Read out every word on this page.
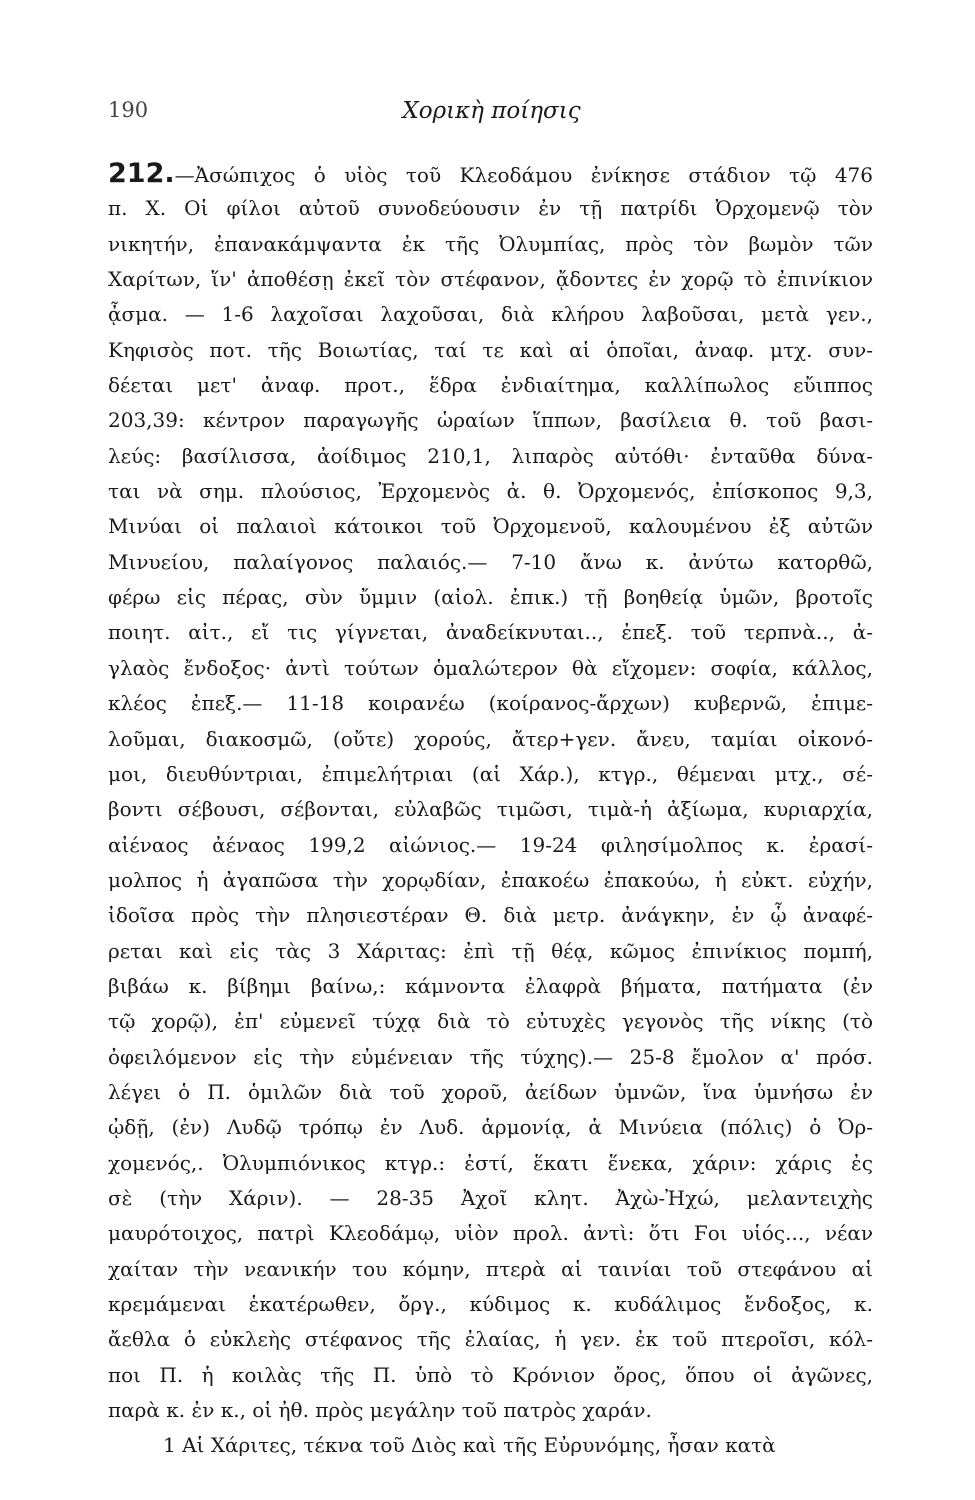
190	Χορικὴ ποίησις
212.—Ἀσώπιχος ὁ υἱὸς τοῦ Κλεοδάμου ἐνίκησε στάδιον τῷ 476
π. Χ. Οἱ φίλοι αὐτοῦ συνοδεύουσιν ἐν τῇ πατρίδι Ὀρχομενῷ τὸν
νικητήν, ἐπανακάμψαντα ἐκ τῆς Ὀλυμπίας, πρὸς τὸν βωμὸν τῶν
Χαρίτων, ἵν' ἀποθέσῃ ἐκεῖ τὸν στέφανον, ᾄδοντες ἐν χορῷ τὸ ἐπινίκιον
ᾆσμα. — 1-6 λαχοῖσαι λαχοῦσαι, διὰ κλήρου λαβοῦσαι, μετὰ γεν.,
Κηφισὸς ποτ. τῆς Βοιωτίας, ταί τε καὶ αἱ ὁποῖαι, ἀναφ. μτχ. συν-
δέεται μετ' ἀναφ. προτ., ἕδρα ἐνδιαίτημα, καλλίπωλος εὔιππος
203,39: κέντρον παραγωγῆς ὡραίων ἵππων, βασίλεια θ. τοῦ βασι-
λεύς: βασίλισσα, ἀοίδιμος 210,1, λιπαρὸς αὐτόθι· ἐνταῦθα δύνα-
ται νὰ σημ. πλούσιος, Ἐρχομενὸς ἀ. θ. Ὀρχομενός, ἐπίσκοπος 9,3,
Μινύαι οἱ παλαιοὶ κάτοικοι τοῦ Ὀρχομενοῦ, καλουμένου ἐξ αὐτῶν
Μινυείου, παλαίγονος παλαιός.— 7-10 ἄνω κ. ἀνύτω κατορθῶ,
φέρω εἰς πέρας, σὺν ὔμμιν (αἰολ. ἐπικ.) τῇ βοηθείᾳ ὑμῶν, βροτοῖς
ποιητ. αἰτ., εἴ τις γίγνεται, ἀναδείκνυται.., ἐπεξ. τοῦ τερπνὰ.., ἀ-
γλαὸς ἔνδοξος· ἀντὶ τούτων ὁμαλώτερον θὰ εἴχομεν: σοφία, κάλλος,
κλέος ἐπεξ.— 11-18 κοιρανέω (κοίρανος-ἄρχων) κυβερνῶ, ἐπιμε-
λοῦμαι, διακοσμῶ, (οὔτε) χορούς, ἄτερ+γεν. ἄνευ, ταμίαι οἰκονό-
μοι, διευθύντριαι, ἐπιμελήτριαι (αἱ Χάρ.), κτγρ., θέμεναι μτχ., σέ-
βοντι σέβουσι, σέβονται, εὐλαβῶς τιμῶσι, τιμὰ-ἡ ἀξίωμα, κυριαρχία,
αἰέναος ἀέναος 199,2 αἰώνιος.— 19-24 φιλησίμολπος κ. ἐρασί-
μολπος ἡ ἀγαπῶσα τὴν χορῳδίαν, ἐπακοέω ἐπακούω, ἡ εὐκτ. εὐχήν,
ἰδοῖσα πρὸς τὴν πλησιεστέραν Θ. διὰ μετρ. ἀνάγκην, ἐν ᾧ ἀναφέ-
ρεται καὶ εἰς τὰς 3 Χάριτας: ἐπὶ τῇ θέᾳ, κῶμος ἐπινίκιος πομπή,
βιβάω κ. βίβημι βαίνω,: κάμνοντα ἐλαφρὰ βήματα, πατήματα (ἐν
τῷ χορῷ), ἐπ' εὐμενεῖ τύχᾳ διὰ τὸ εὐτυχὲς γεγονὸς τῆς νίκης (τὸ
ὀφειλόμενον εἰς τὴν εὐμένειαν τῆς τύχης).— 25-8 ἔμολον α' πρόσ.
λέγει ὁ Π. ὁμιλῶν διὰ τοῦ χοροῦ, ἀείδων ὑμνῶν, ἵνα ὑμνήσω ἐν
ᾠδῇ, (ἐν) Λυδῷ τρόπῳ ἐν Λυδ. ἁρμονίᾳ, ἁ Μινύεια (πόλις) ὁ Ὀρ-
χομενός,. Ὀλυμπιόνικος κτγρ.: ἐστί, ἕκατι ἕνεκα, χάριν: χάρις ἐς
σὲ (τὴν Χάριν). — 28-35 Ἀχοῖ κλητ. Ἀχὼ-Ἠχώ, μελαντειχὴς
μαυρότοιχος, πατρὶ Κλεοδάμῳ, υἱὸν προλ. ἀντὶ: ὅτι Ϝοι υἱός..., νέαν
χαίταν τὴν νεανικήν του κόμην, πτερὰ αἱ ταινίαι τοῦ στεφάνου αἱ
κρεμάμεναι ἑκατέρωθεν, ὄργ., κύδιμος κ. κυδάλιμος ἔνδοξος, κ.
ἄεθλα ὁ εὐκλεὴς στέφανος τῆς ἐλαίας, ἡ γεν. ἐκ τοῦ πτεροῖσι, κόλ-
ποι Π. ἡ κοιλὰς τῆς Π. ὑπὸ τὸ Κρόνιον ὄρος, ὅπου οἱ ἀγῶνες,
παρὰ κ. ἐν κ., οἱ ἠθ. πρὸς μεγάλην τοῦ πατρὸς χαράν.
1 Αἱ Χάριτες, τέκνα τοῦ Διὸς καὶ τῆς Εὐρυνόμης, ἦσαν κατὰ
